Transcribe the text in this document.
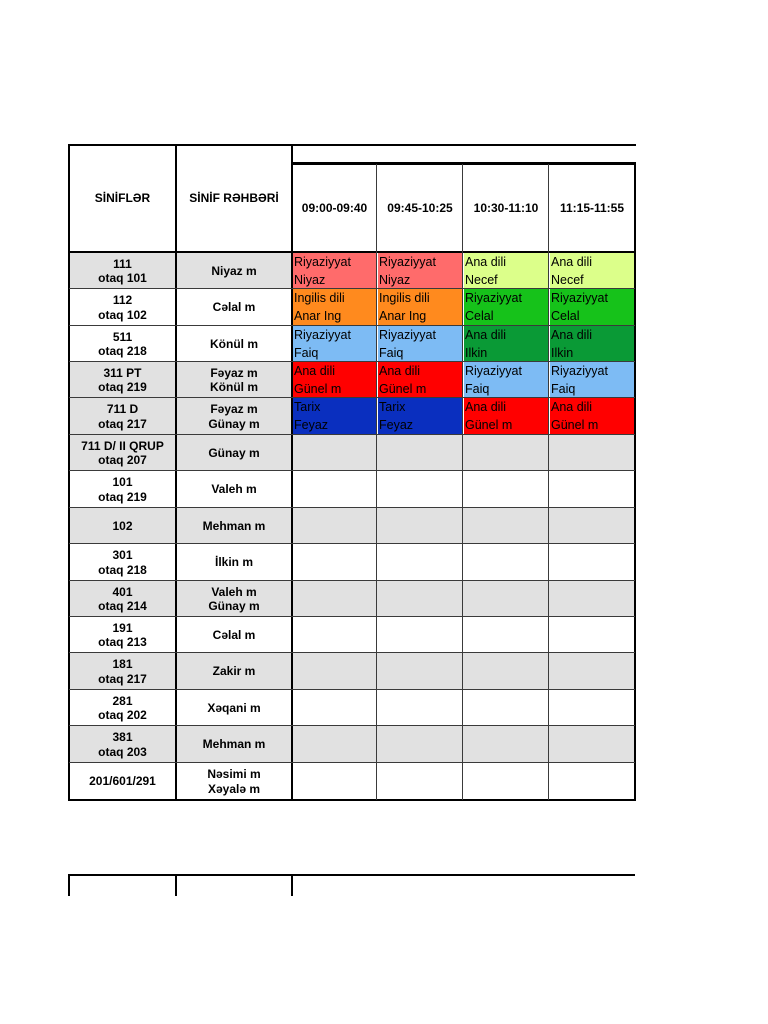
SİNİFLƏR	SİNİF RƏHBƏRİ
09:00-09:40 09:45-10:25 10:30-11:10 11:15-11:55
111
otaq 101
Niyaz m
Riyaziyyat
Niyaz
Riyaziyyat
Niyaz
Ana dili
Necef
Ana dili
Necef
112
otaq 102
Cəlal m
Ingilis dili
Anar Ing
Ingilis dili
Anar Ing
Riyaziyyat
Celal
Riyaziyyat
Celal
511
otaq 218
Könül m
Riyaziyyat
Faiq
Riyaziyyat
Faiq
Ana dili
Ilkin
Ana dili
Ilkin
311 PT
otaq 219
Fəyaz m
Könül m
Ana dili
Günel m
Ana dili
Günel m
Riyaziyyat
Faiq
Riyaziyyat
Faiq
711 D
otaq 217
Fəyaz m
Günay m
Tarix
Feyaz
Tarix
Feyaz
Ana dili
Günel m
Ana dili
Günel m
711 D/ II QRUP
otaq 207
Günay m
101
otaq 219
Valeh m
102	Mehman m
301
otaq 218
İlkin m
401
otaq 214
Valeh m
Günay m
191
otaq 213
Cəlal m
181
otaq 217
Zakir m
281
otaq 202
Xəqani m
381
otaq 203
Mehman m
201/601/291
Nəsimi m
Xəyalə m
